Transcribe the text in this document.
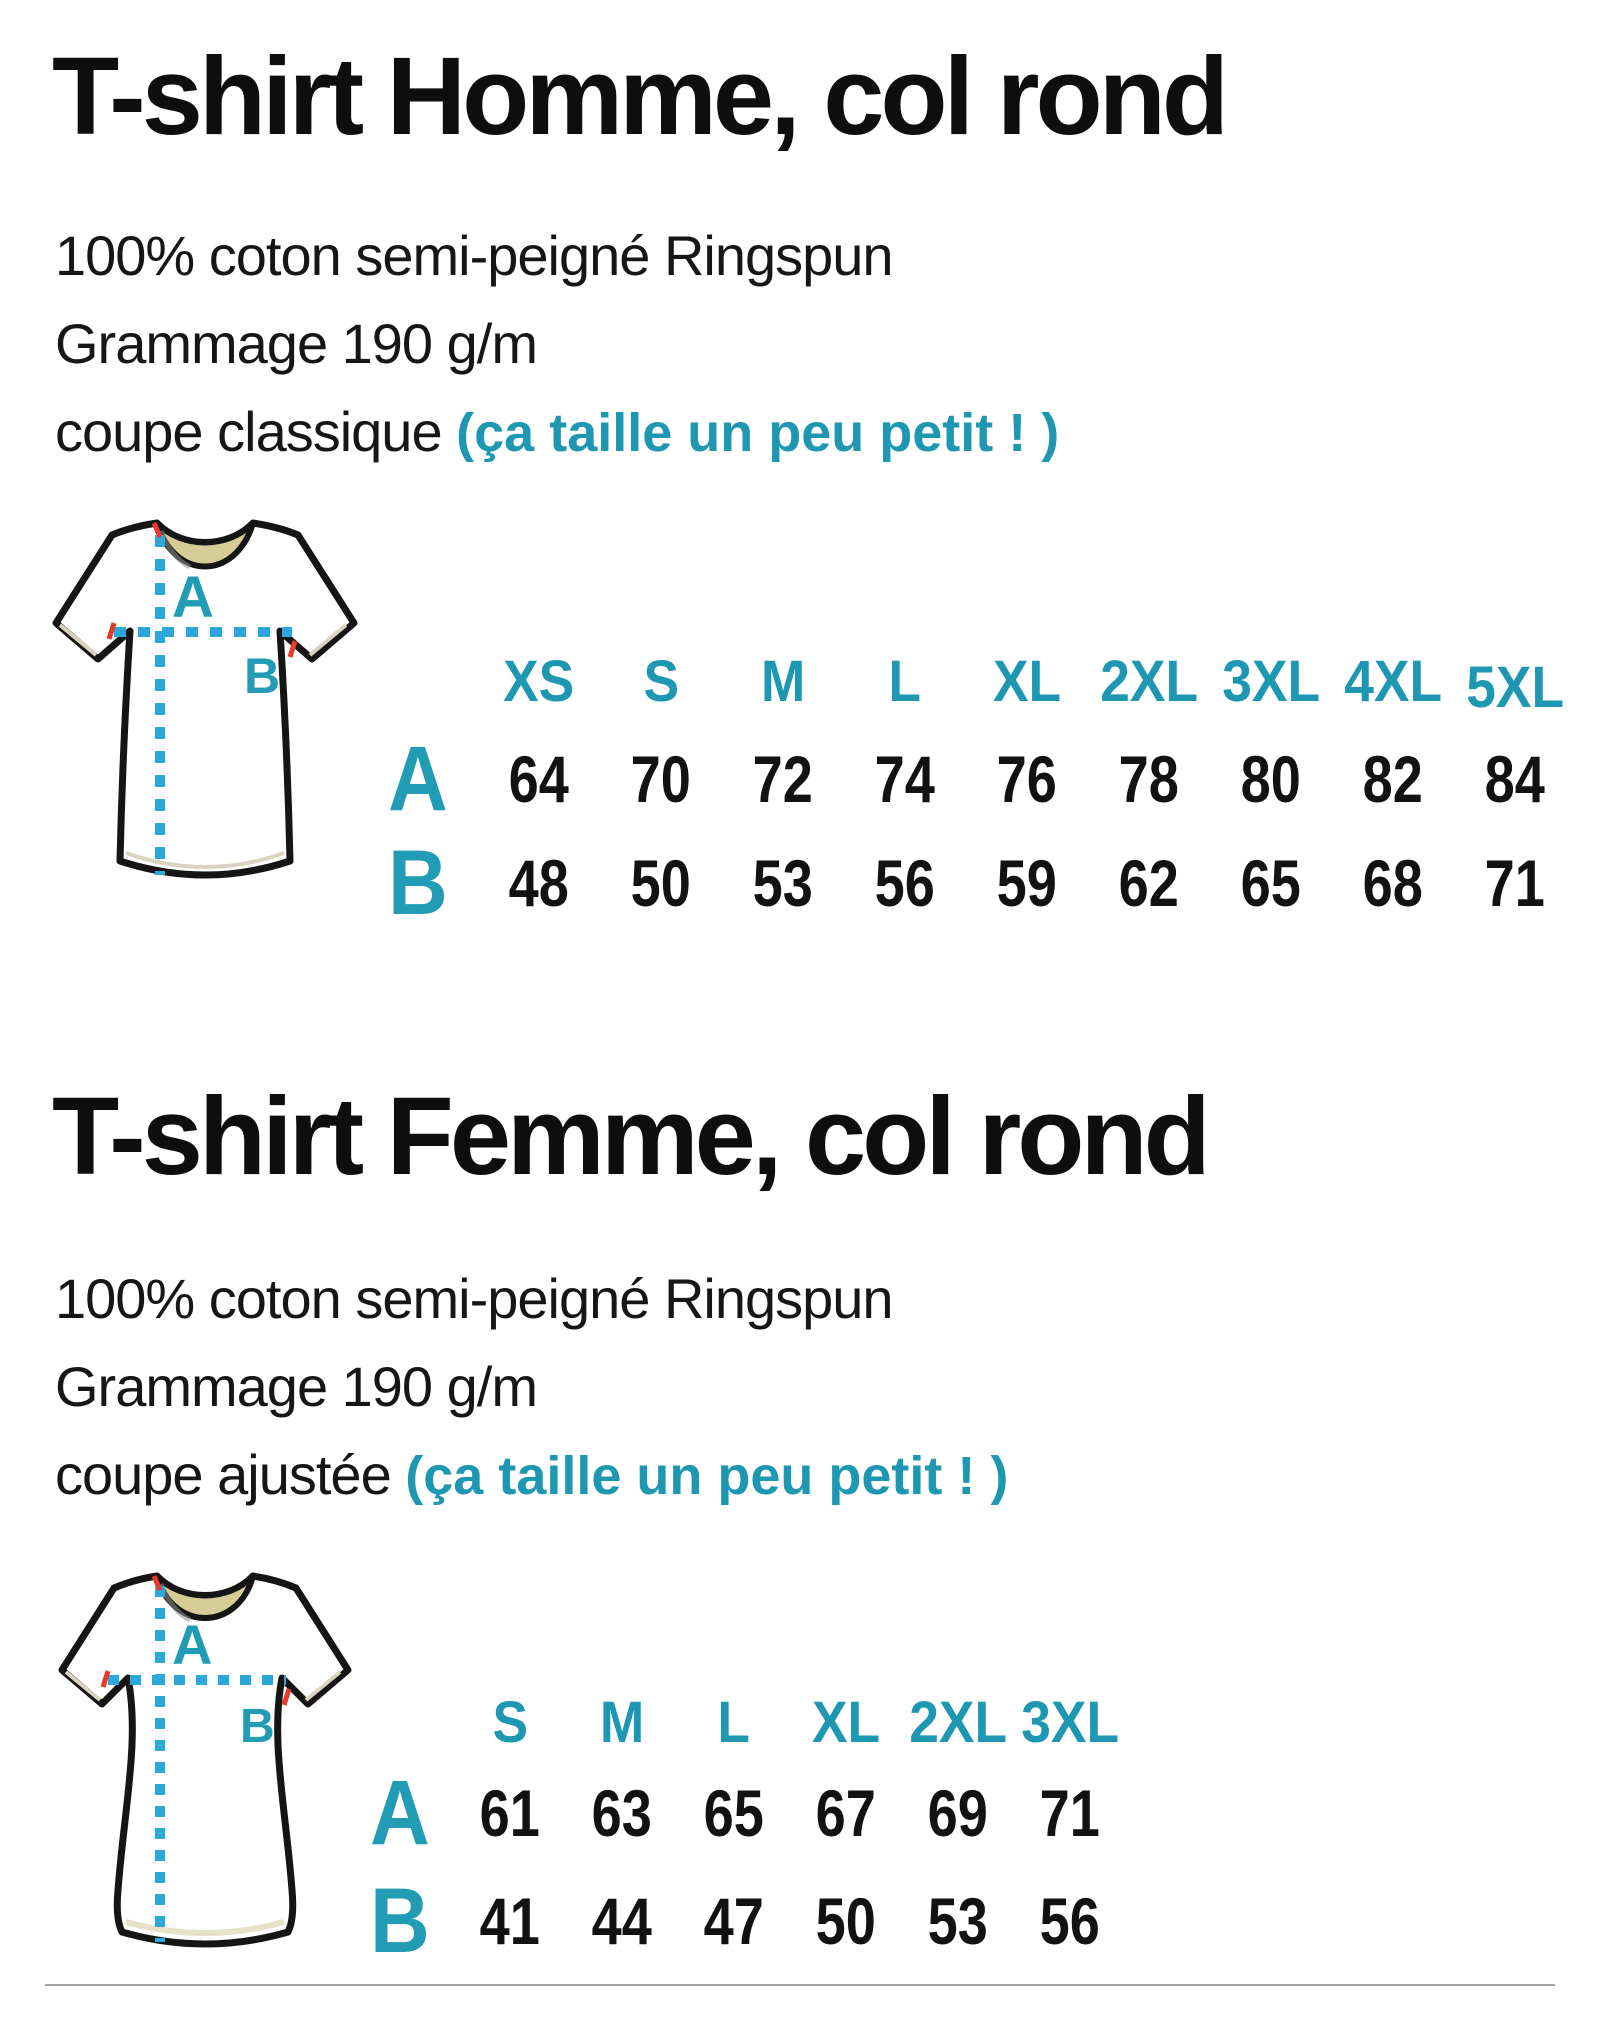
T-shirt Homme, col rond
100% coton semi-peigné Ringspun
Grammage 190 g/m
coupe classique (ça taille un peu petit ! )
A
B	XS S M L XL 2XL 3XL 4XL 5XL
A 64 70 72 74 76 78 80 82 84
B 48 50 53 56 59 62 65 68 71
T-shirt Femme, col rond
100% coton semi-peigné Ringspun
Grammage 190 g/m
coupe ajustée (ça taille un peu petit ! )
A
B	S M L XL 2XL 3XL
A 61 63 65 67 69 71
B 41 44 47 50 53 56
